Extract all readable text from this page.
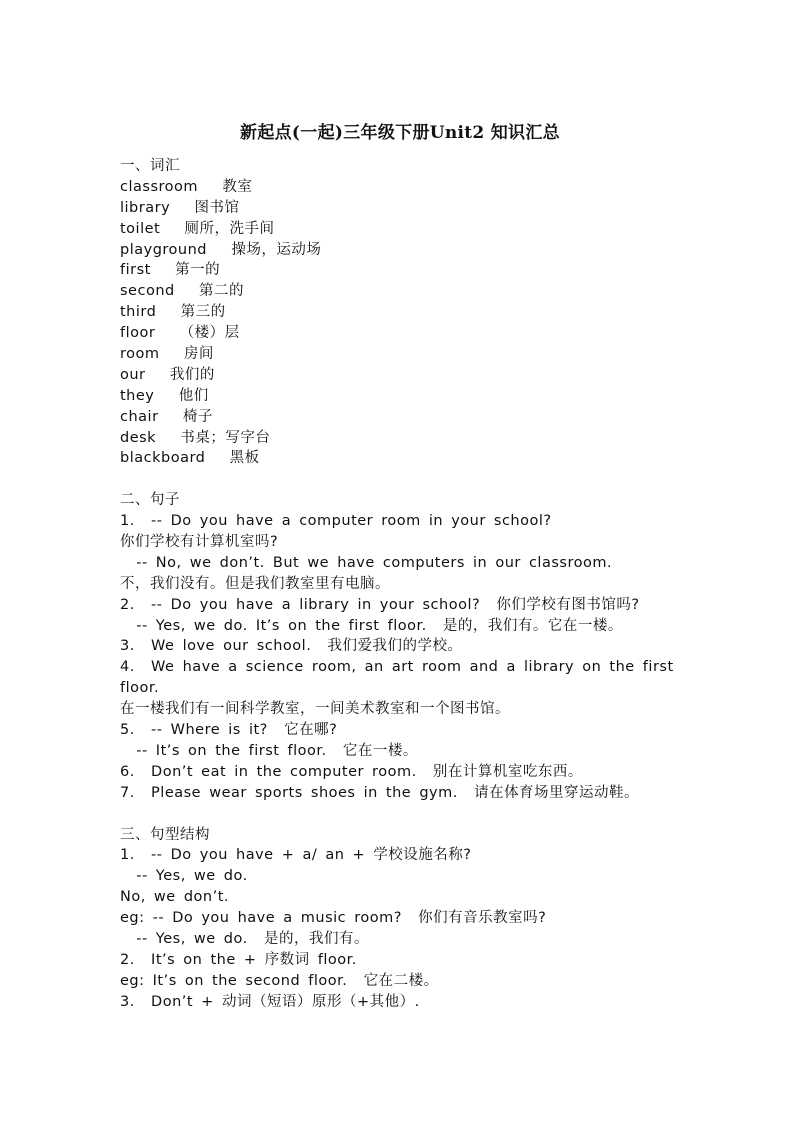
新起点(一起)三年级下册Unit2 知识汇总
一、词汇
classroom   教室
library   图书馆
toilet   厕所，洗手间
playground   操场，运动场
first   第一的
second   第二的
third   第三的
floor   （楼）层
room   房间
our   我们的
they   他们
chair   椅子
desk   书桌；写字台
blackboard   黑板
二、句子
1.  -- Do you have a computer room in your school?
你们学校有计算机室吗?
-- No, we don’t. But we have computers in our classroom.
不，我们没有。但是我们教室里有电脑。
2.  -- Do you have a library in your school?  你们学校有图书馆吗?
-- Yes, we do. It’s on the first floor.  是的，我们有。它在一楼。
3.  We love our school.  我们爱我们的学校。
4.  We have a science room, an art room and a library on the first
floor.
在一楼我们有一间科学教室，一间美术教室和一个图书馆。
5.  -- Where is it?  它在哪?
-- It’s on the first floor.  它在一楼。
6.  Don’t eat in the computer room.  别在计算机室吃东西。
7.  Please wear sports shoes in the gym.  请在体育场里穿运动鞋。
三、句型结构
1.  -- Do you have + a/ an + 学校设施名称?
-- Yes, we do.
No, we don’t.
eg: -- Do you have a music room?  你们有音乐教室吗?
-- Yes, we do.  是的，我们有。
2.  It’s on the + 序数词 floor.
eg: It’s on the second floor.  它在二楼。
3.  Don’t + 动词（短语）原形（+其他）.
